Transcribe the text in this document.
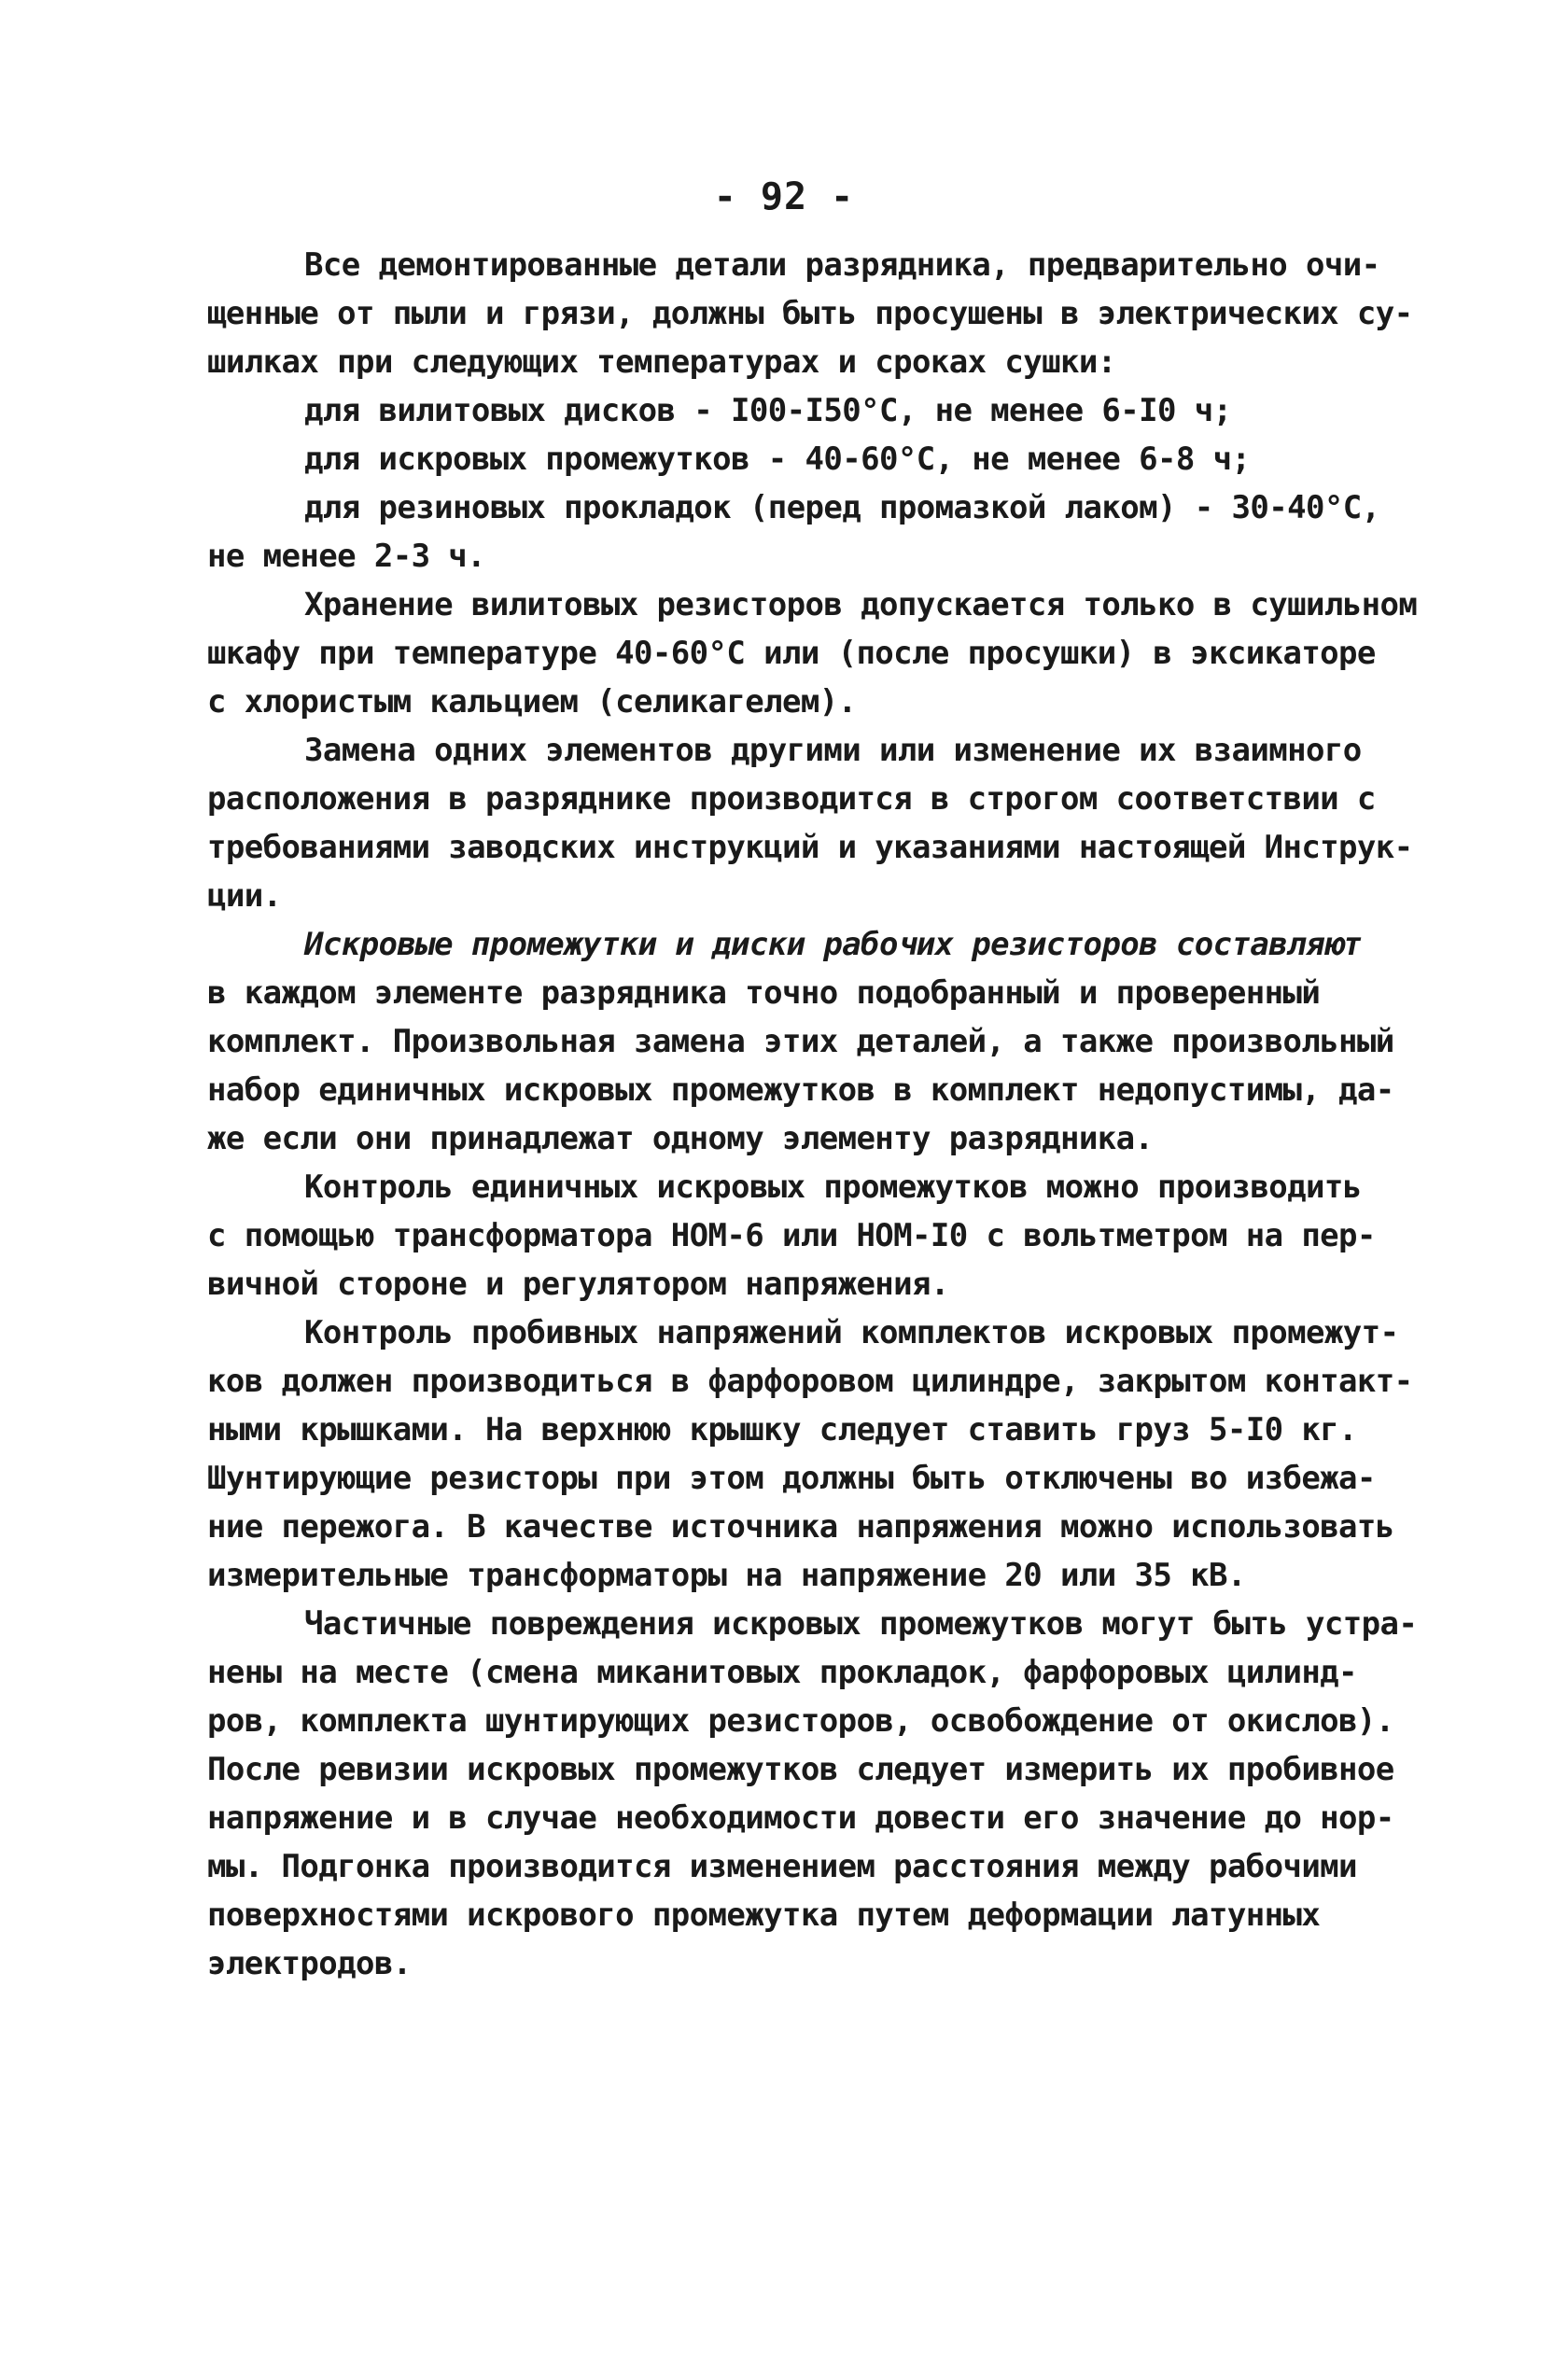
- 92 -
Все демонтированные детали разрядника, предварительно очи-
щенные от пыли и грязи, должны быть просушены в электрических су-
шилках при следующих температурах и сроках сушки:
для вилитовых дисков - I00-I50°С, не менее 6-I0 ч;
для искровых промежутков - 40-60°С, не менее 6-8 ч;
для резиновых прокладок (перед промазкой лаком) - 30-40°С,
не менее 2-3 ч.
Хранение вилитовых резисторов допускается только в сушильном
шкафу при температуре 40-60°С или (после просушки) в эксикаторе
с хлористым кальцием (селикагелем).
Замена одних элементов другими или изменение их взаимного
расположения в разряднике производится в строгом соответствии с
требованиями заводских инструкций и указаниями настоящей Инструк-
ции.
Искровые промежутки и диски рабочих резисторов составляют
в каждом элементе разрядника точно подобранный и проверенный
комплект. Произвольная замена этих деталей, а также произвольный
набор единичных искровых промежутков в комплект недопустимы, да-
же если они принадлежат одному элементу разрядника.
Контроль единичных искровых промежутков можно производить
с помощью трансформатора НОМ-6 или НОМ-I0 с вольтметром на пер-
вичной стороне и регулятором напряжения.
Контроль пробивных напряжений комплектов искровых промежут-
ков должен производиться в фарфоровом цилиндре, закрытом контакт-
ными крышками. На верхнюю крышку следует ставить груз 5-I0 кг.
Шунтирующие резисторы при этом должны быть отключены во избежа-
ние пережога. В качестве источника напряжения можно использовать
измерительные трансформаторы на напряжение 20 или 35 кВ.
Частичные повреждения искровых промежутков могут быть устра-
нены на месте (смена миканитовых прокладок, фарфоровых цилинд-
ров, комплекта шунтирующих резисторов, освобождение от окислов).
После ревизии искровых промежутков следует измерить их пробивное
напряжение и в случае необходимости довести его значение до нор-
мы. Подгонка производится изменением расстояния между рабочими
поверхностями искрового промежутка путем деформации латунных
электродов.
